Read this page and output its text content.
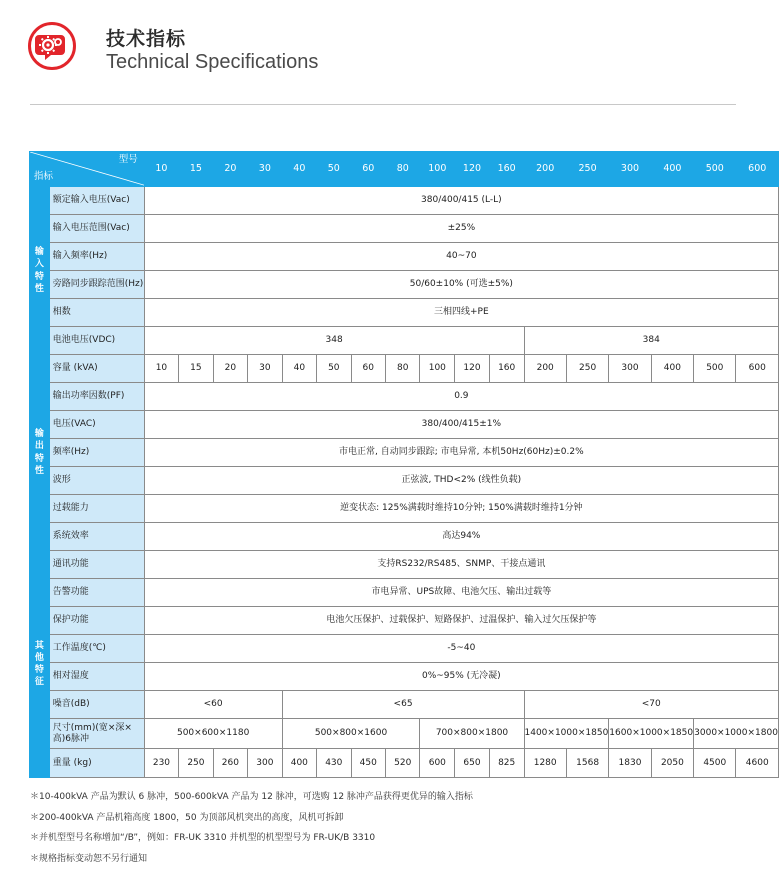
技术指标
Technical Specifications
型号
指标		10	15	20	30	40	50	60	80	100	120	160	200	250	300	400	500	600
输入特性	额定输入电压(Vac)	380/400/415 (L-L)																
	输入电压范围(Vac)	±25%																
	输入频率(Hz)	40~70																
	旁路同步跟踪范围(Hz)	50/60±10% (可选±5%)																
	相数	三相四线+PE																
	电池电压(VDC)	348											384					
输出特性	容量 (kVA)	10	15	20	30	40	50	60	80	100	120	160	200	250	300	400	500	600
	输出功率因数(PF)	0.9																
	电压(VAC)	380/400/415±1%																
	频率(Hz)	市电正常, 自动同步跟踪; 市电异常, 本机50Hz(60Hz)±0.2%																
	波形	正弦波, THD<2% (线性负载)																
	过载能力	逆变状态: 125%满载时维持10分钟; 150%满载时维持1分钟																
	系统效率	高达94%																
其他特征	通讯功能	支持RS232/RS485、SNMP、干接点通讯																
	告警功能	市电异常、UPS故障、电池欠压、输出过载等																
	保护功能	电池欠压保护、过载保护、短路保护、过温保护、输入过欠压保护等																
	工作温度(℃)	-5~40																
	相对湿度	0%~95% (无冷凝)																
	噪音(dB)	<60				<65							<70					
	尺寸(mm)(宽×深×高)6脉冲	500×600×1180				500×800×1600				700×800×1800			1400×1000×1850		1600×1000×1850		3000×1000×1800	
	重量 (kg)	230	250	260	300	400	430	450	520	600	650	825	1280	1568	1830	2050	4500	4600
＊10-400kVA 产品为默认 6 脉冲，500-600kVA 产品为 12 脉冲，可选购 12 脉冲产品获得更优异的输入指标
＊200-400kVA 产品机箱高度 1800，50 为顶部风机突出的高度，风机可拆卸
＊并机型型号名称增加“/B”，例如：FR-UK 3310 并机型的机型型号为 FR-UK/B 3310
＊规格指标变动恕不另行通知
